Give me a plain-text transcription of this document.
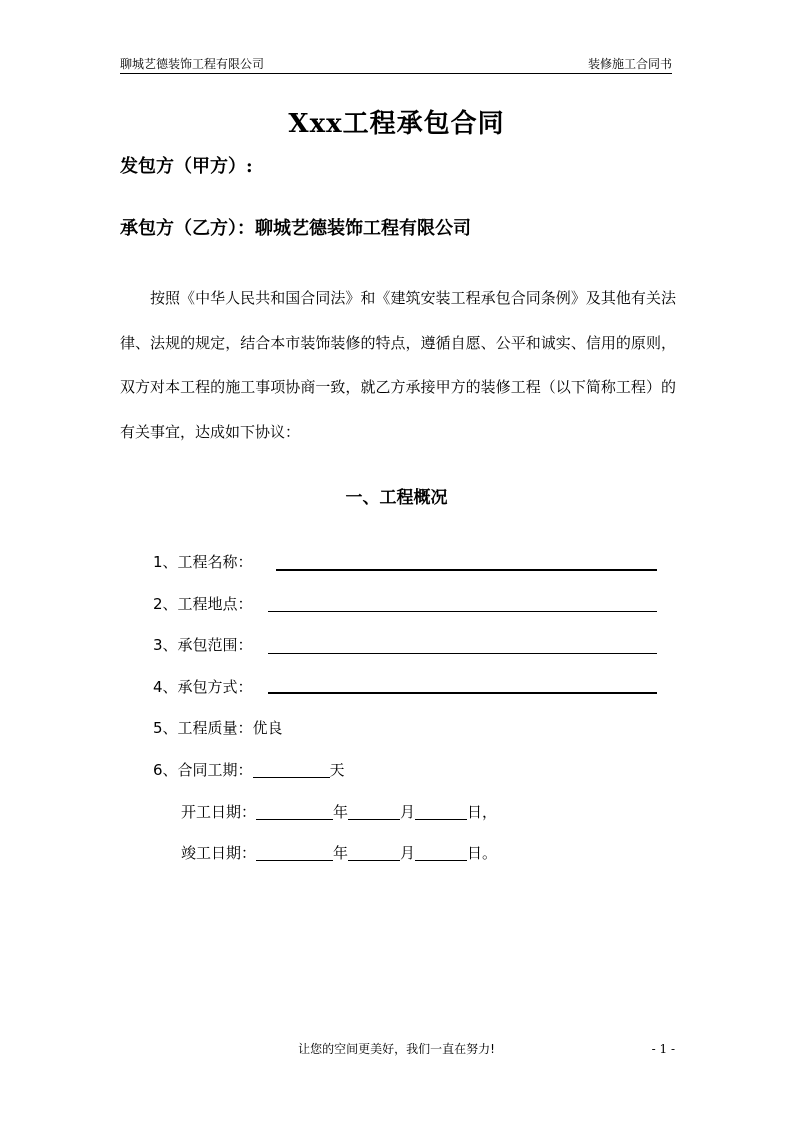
聊城艺德装饰工程有限公司	装修施工合同书
Xxx工程承包合同
发包方（甲方）:
承包方（乙方）：聊城艺德装饰工程有限公司
按照《中华人民共和国合同法》和《建筑安装工程承包合同条例》及其他有关法律、法规的规定，结合本市装饰装修的特点，遵循自愿、公平和诚实、信用的原则，双方对本工程的施工事项协商一致，就乙方承接甲方的装修工程（以下简称工程）的有关事宜，达成如下协议：
一、工程概况
1、工程名称：
2、工程地点：
3、承包范围：
4、承包方式：
5、工程质量：优良
6、合同工期：	天
开工日期：	年	月	日，
竣工日期：	年	月	日。
让您的空间更美好，我们一直在努力!	- 1 -
